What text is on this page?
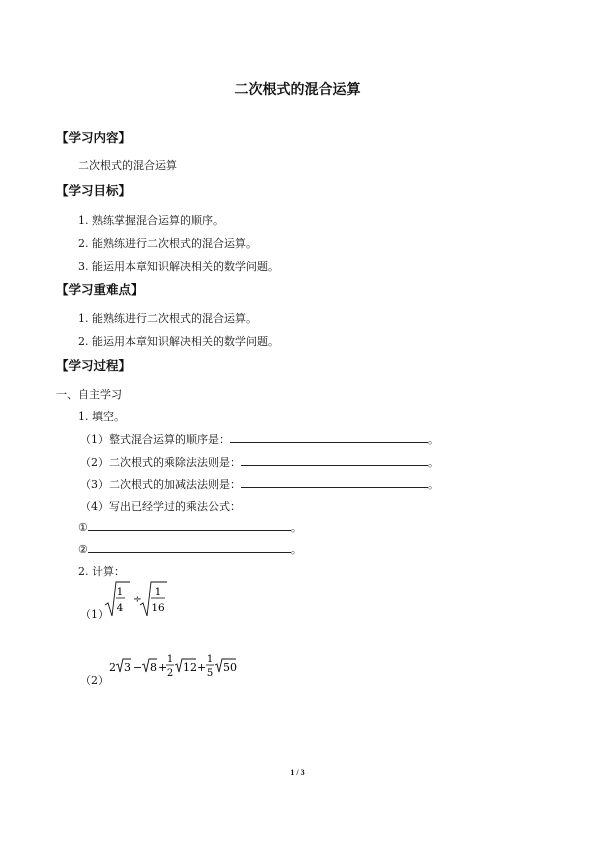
二次根式的混合运算
【学习内容】
二次根式的混合运算
【学习目标】
1. 熟练掌握混合运算的顺序。
2. 能熟练进行二次根式的混合运算。
3. 能运用本章知识解决相关的数学问题。
【学习重难点】
1. 能熟练进行二次根式的混合运算。
2. 能运用本章知识解决相关的数学问题。
【学习过程】
一、自主学习
1. 填空。
（1）整式混合运算的顺序是：	。
（2）二次根式的乘除法法则是：	。
（3）二次根式的加减法法则是：	。
（4）写出已经学过的乘法公式：
①	。
②	。
2. 计算：
（1）
1
4
÷
1
16
（2）
2 3 − 8 +
1
2 12 +
1
5 50
1 / 3
